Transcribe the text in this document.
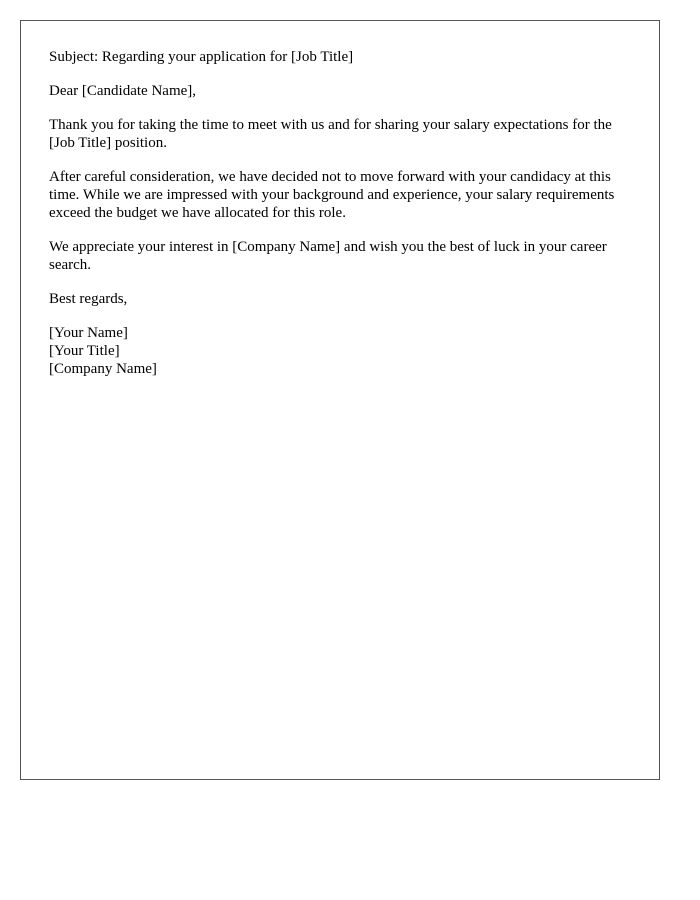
Subject: Regarding your application for [Job Title]

Dear [Candidate Name],

Thank you for taking the time to meet with us and for sharing your salary expectations for the [Job Title] position.

After careful consideration, we have decided not to move forward with your candidacy at this time. While we are impressed with your background and experience, your salary requirements exceed the budget we have allocated for this role.

We appreciate your interest in [Company Name] and wish you the best of luck in your career search.

Best regards,

[Your Name]
[Your Title]
[Company Name]
